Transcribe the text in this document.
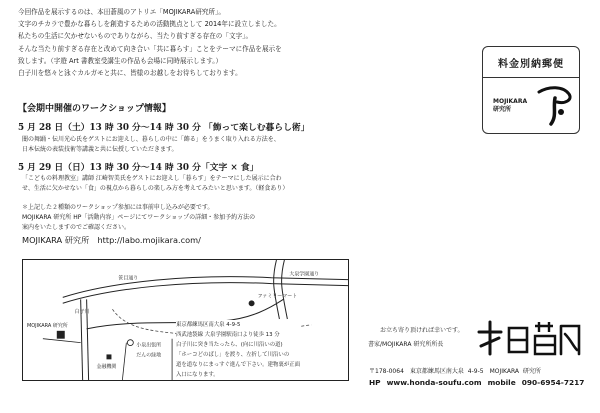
今回作品を展示するのは、本田蒼風のアトリエ「MOJIKARA研究所」。
文字のチカラで豊かな暮らしを創造するための活動拠点として 2014年に設立しました。
私たちの生活に欠かせないものでありながら、当たり前すぎる存在の「文字」。
そんな当たり前すぎる存在と改めて向き合い「共に暮らす」ことをテーマに作品を展示を
致します。（字遊 Art 書教室受講生の作品も会場に同時展示します。）
白子川を悠々と泳ぐカルガモと共に、皆様のお越しをお待ちしております。
【会期中開催のワークショップ情報】
5 月 28 日（土）13 時 30 分〜14 時 30 分 「飾って楽しむ暮らし術」
闇の舞踊・伝川光心氏をゲストにお迎えし、暮らしの中に「飾る」をうまく取り入れる方法を、
日本伝統の表装技術等講義と共に伝授していただきます。
5 月 29 日（日）13 時 30 分〜14 時 30 分「文字 × 食」
「こどもの料理教室」講師 江崎智美氏をゲストにお迎えし「暮らす」をテーマにした展示に合わ
せ、生活に欠かせない「食」の視点から暮らしの楽しみ方を考えてみたいと思います。（軽食あり）
＊上記した２種類のワークショップ参加には事前申し込みが必要です。
MOJIKARA 研究所 HP「活動内容」ページにてワークショップの詳細・参加予約方法の
案内をいたしますのでご確認ください。
MOJIKARA 研究所　http://labo.mojikara.com/
笹目通り
大泉学園通り
白子川
MOJIKARA 研究所
ファミリーマート
小泉出張所
だんの緑地
金融機関
東京都練馬区南大泉 4-9-5
西武池袋線 大泉学園駅南口より徒歩 13 分
白子川に突き当たったら、(向に川沿いの道)
「ホーコどのばし」を渡り、左折して川沿いの
道を道なりにまっすぐ進んで下さい。建物裏が正面
入口になります。
料金別納郵便
MOJIKARA
研究所
お立ち寄り頂ければ幸いです。
書家/MOJIKARA 研究所所長
〒178-0064　東京都練馬区南大泉 4-9-5　MOJIKARA 研究所
HP www.honda-soufu.com mobile 090-6954-7217
